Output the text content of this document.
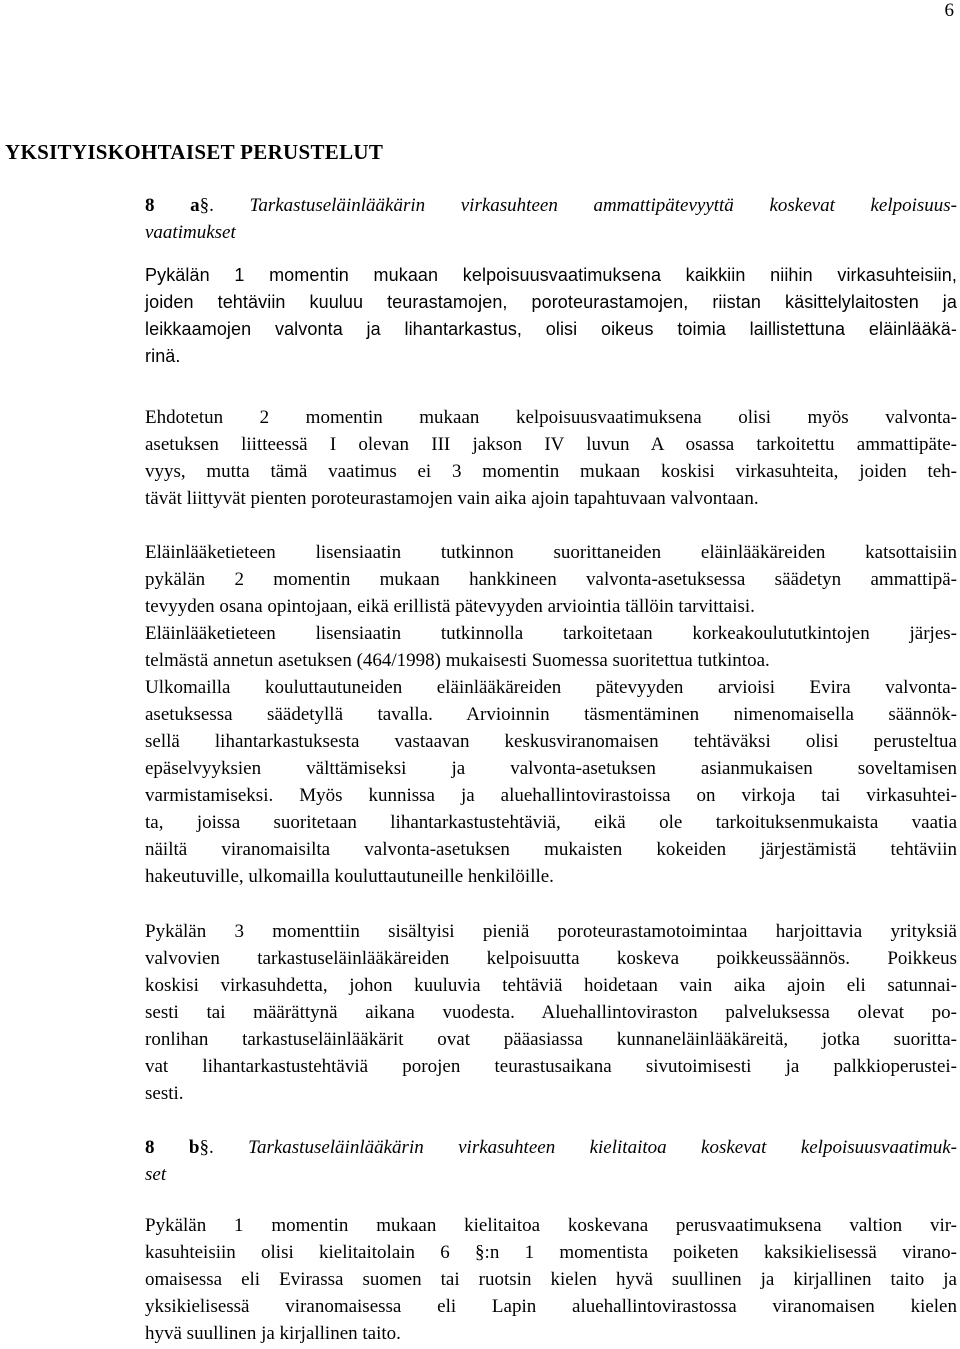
6
YKSITYISKOHTAISET PERUSTELUT
8 a§. Tarkastuseläinlääkärin virkasuhteen ammattipätevyyttä koskevat kelpoisuus-
vaatimukset
Pykälän 1 momentin mukaan kelpoisuusvaatimuksena kaikkiin niihin virkasuhteisiin,
joiden tehtäviin kuuluu teurastamojen, poroteurastamojen, riistan käsittelylaitosten ja
leikkaamojen valvonta ja lihantarkastus, olisi oikeus toimia laillistettuna eläinlääkä-
rinä.
Ehdotetun 2 momentin mukaan kelpoisuusvaatimuksena olisi myös valvonta-
asetuksen liitteessä I olevan III jakson IV luvun A osassa tarkoitettu ammattipäte-
vyys, mutta tämä vaatimus ei 3 momentin mukaan koskisi virkasuhteita, joiden teh-
tävät liittyvät pienten poroteurastamojen vain aika ajoin tapahtuvaan valvontaan.
Eläinlääketieteen lisensiaatin tutkinnon suorittaneiden eläinlääkäreiden katsottaisiin
pykälän 2 momentin mukaan hankkineen valvonta-asetuksessa säädetyn ammattipä-
tevyyden osana opintojaan, eikä erillistä pätevyyden arviointia tällöin tarvittaisi.
Eläinlääketieteen lisensiaatin tutkinnolla tarkoitetaan korkeakoulututkintojen järjes-
telmästä annetun asetuksen (464/1998) mukaisesti Suomessa suoritettua tutkintoa.
Ulkomailla kouluttautuneiden eläinlääkäreiden pätevyyden arvioisi Evira valvonta-
asetuksessa säädetyllä tavalla. Arvioinnin täsmentäminen nimenomaisella säännök-
sellä lihantarkastuksesta vastaavan keskusviranomaisen tehtäväksi olisi perusteltua
epäselvyyksien välttämiseksi ja valvonta-asetuksen asianmukaisen soveltamisen
varmistamiseksi. Myös kunnissa ja aluehallintovirastoissa on virkoja tai virkasuhtei-
ta, joissa suoritetaan lihantarkastustehtäviä, eikä ole tarkoituksenmukaista vaatia
näiltä viranomaisilta valvonta-asetuksen mukaisten kokeiden järjestämistä tehtäviin
hakeutuville, ulkomailla kouluttautuneille henkilöille.
Pykälän 3 momenttiin sisältyisi pieniä poroteurastamotoimintaa harjoittavia yrityksiä
valvovien tarkastuseläinlääkäreiden kelpoisuutta koskeva poikkeussäännös. Poikkeus
koskisi virkasuhdetta, johon kuuluvia tehtäviä hoidetaan vain aika ajoin eli satunnai-
sesti tai määrättynä aikana vuodesta. Aluehallintoviraston palveluksessa olevat po-
ronlihan tarkastuseläinlääkärit ovat pääasiassa kunnaneläinlääkäreitä, jotka suoritta-
vat lihantarkastustehtäviä porojen teurastusaikana sivutoimisesti ja palkkioperustei-
sesti.
8 b§. Tarkastuseläinlääkärin virkasuhteen kielitaitoa koskevat kelpoisuusvaatimuk-
set
Pykälän 1 momentin mukaan kielitaitoa koskevana perusvaatimuksena valtion vir-
kasuhteisiin olisi kielitaitolain 6 §:n 1 momentista poiketen kaksikielisessä virano-
omaisessa eli Evirassa suomen tai ruotsin kielen hyvä suullinen ja kirjallinen taito ja
yksikielisessä viranomaisessa eli Lapin aluehallintovirastossa viranomaisen kielen
hyvä suullinen ja kirjallinen taito.
